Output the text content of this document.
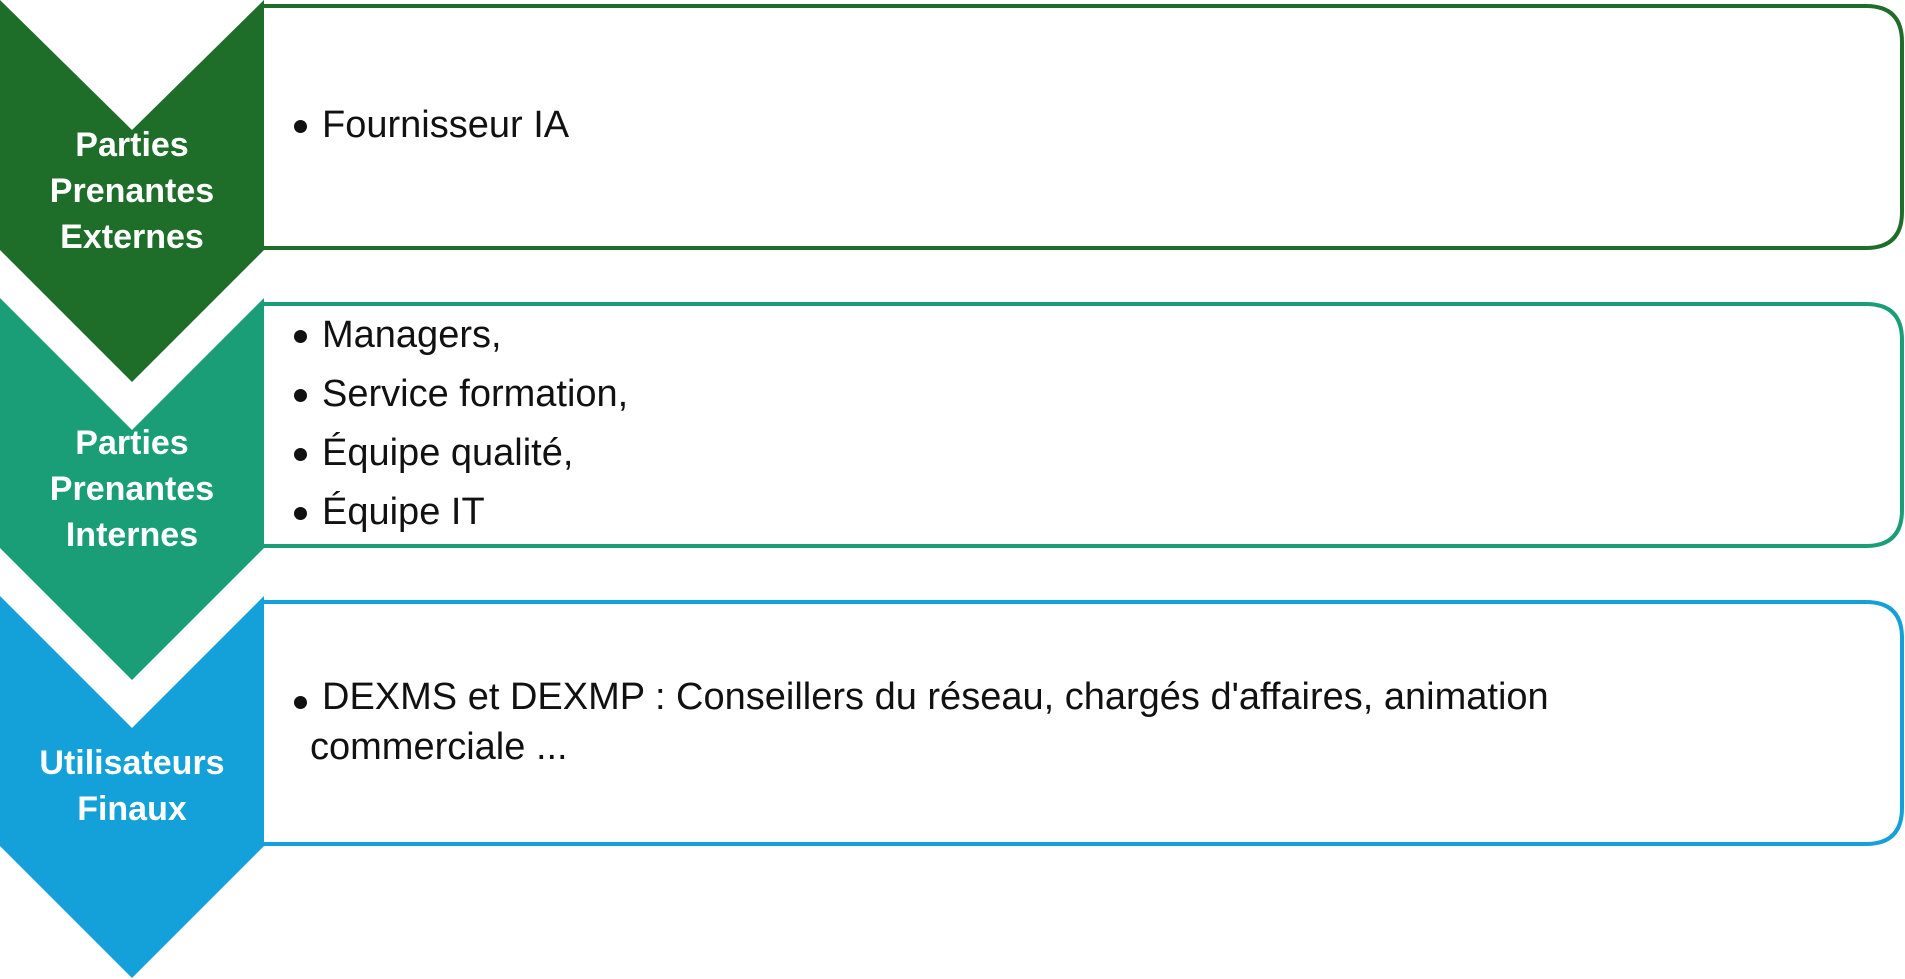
Parties
Prenantes
Externes
Parties
Prenantes
Internes
Utilisateurs
Finaux
Fournisseur IA
Managers,
Service formation,
Équipe qualité,
Équipe IT
DEXMS et DEXMP : Conseillers du réseau, chargés d'affaires, animation
commerciale ...
